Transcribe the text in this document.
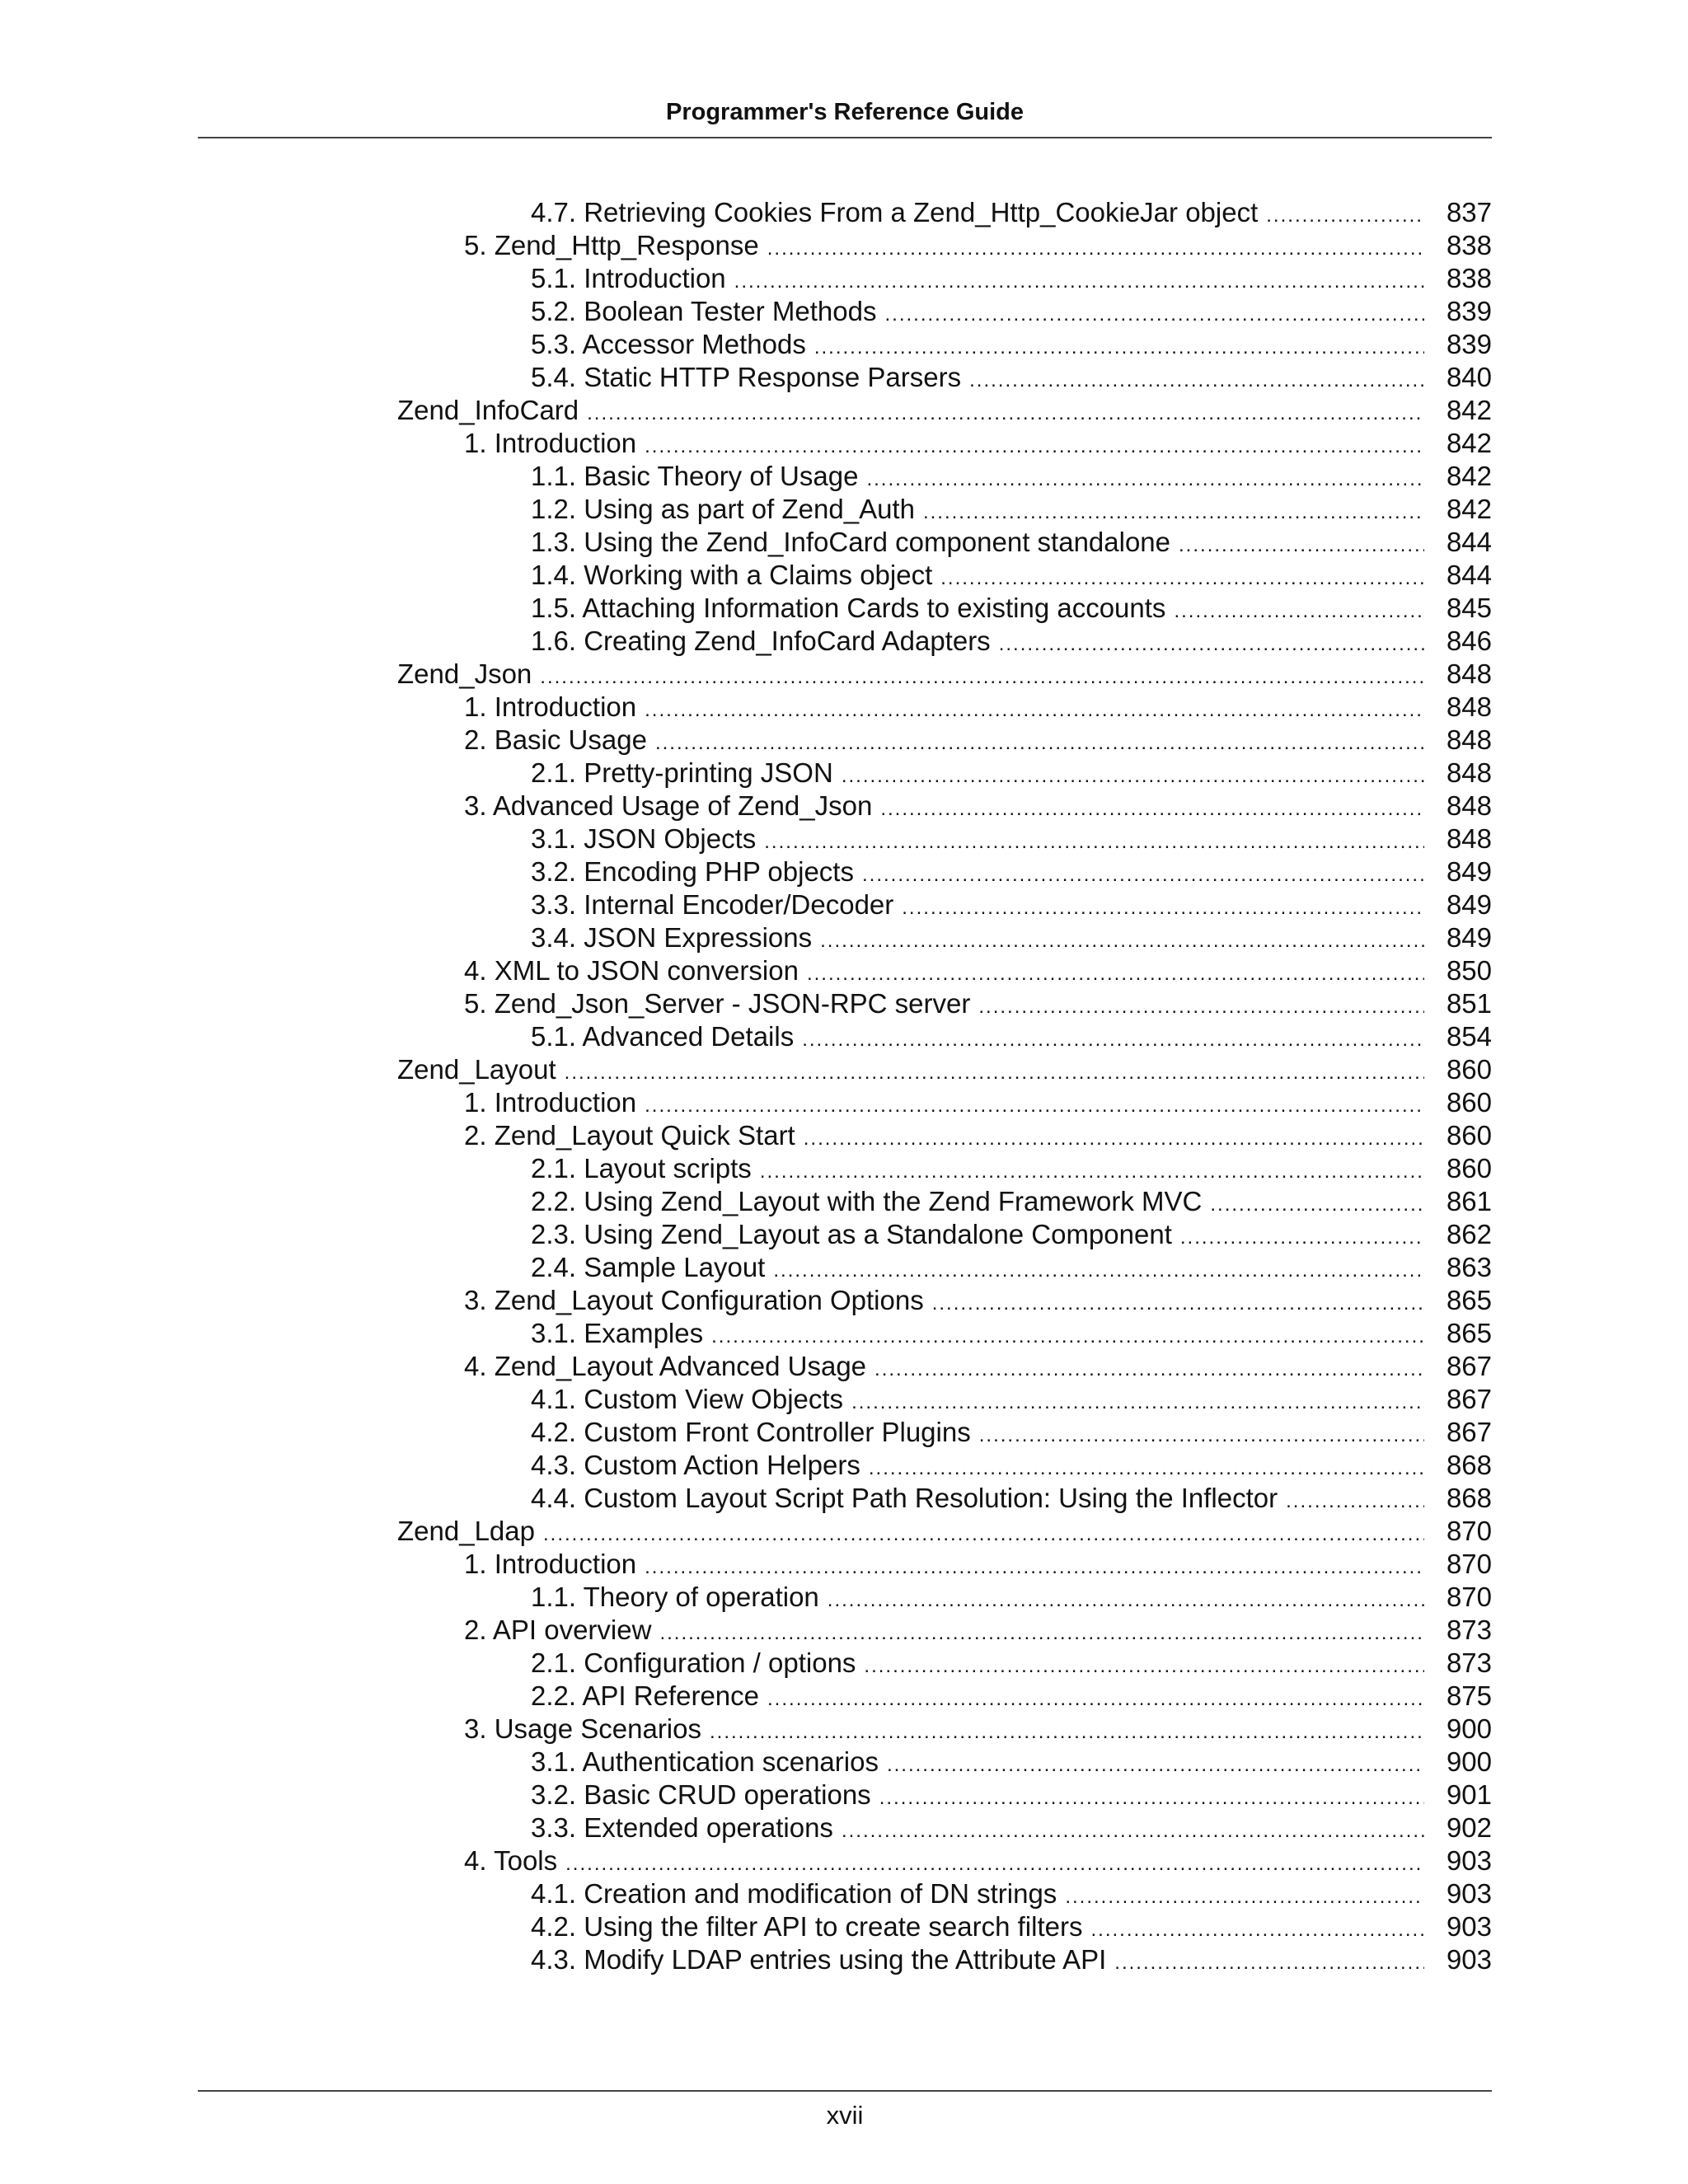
Programmer's Reference Guide
4.7. Retrieving Cookies From a Zend_Http_CookieJar object .....	837
5. Zend_Http_Response .....	838
5.1. Introduction .....	838
5.2. Boolean Tester Methods .....	839
5.3. Accessor Methods .....	839
5.4. Static HTTP Response Parsers .....	840
Zend_InfoCard .....	842
1. Introduction .....	842
1.1. Basic Theory of Usage .....	842
1.2. Using as part of Zend_Auth .....	842
1.3. Using the Zend_InfoCard component standalone .....	844
1.4. Working with a Claims object .....	844
1.5. Attaching Information Cards to existing accounts .....	845
1.6. Creating Zend_InfoCard Adapters .....	846
Zend_Json .....	848
1. Introduction .....	848
2. Basic Usage .....	848
2.1. Pretty-printing JSON .....	848
3. Advanced Usage of Zend_Json .....	848
3.1. JSON Objects .....	848
3.2. Encoding PHP objects .....	849
3.3. Internal Encoder/Decoder .....	849
3.4. JSON Expressions .....	849
4. XML to JSON conversion .....	850
5. Zend_Json_Server - JSON-RPC server .....	851
5.1. Advanced Details .....	854
Zend_Layout .....	860
1. Introduction .....	860
2. Zend_Layout Quick Start .....	860
2.1. Layout scripts .....	860
2.2. Using Zend_Layout with the Zend Framework MVC .....	861
2.3. Using Zend_Layout as a Standalone Component .....	862
2.4. Sample Layout .....	863
3. Zend_Layout Configuration Options .....	865
3.1. Examples .....	865
4. Zend_Layout Advanced Usage .....	867
4.1. Custom View Objects .....	867
4.2. Custom Front Controller Plugins .....	867
4.3. Custom Action Helpers .....	868
4.4. Custom Layout Script Path Resolution: Using the Inflector .....	868
Zend_Ldap .....	870
1. Introduction .....	870
1.1. Theory of operation .....	870
2. API overview .....	873
2.1. Configuration / options .....	873
2.2. API Reference .....	875
3. Usage Scenarios .....	900
3.1. Authentication scenarios .....	900
3.2. Basic CRUD operations .....	901
3.3. Extended operations .....	902
4. Tools .....	903
4.1. Creation and modification of DN strings .....	903
4.2. Using the filter API to create search filters .....	903
4.3. Modify LDAP entries using the Attribute API .....	903
xvii
